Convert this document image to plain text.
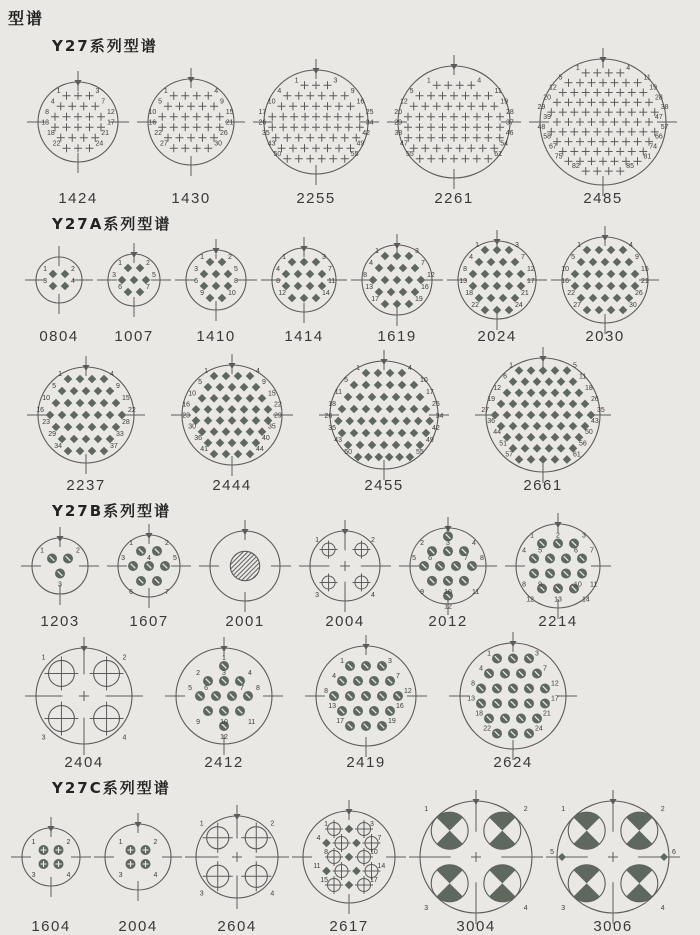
型谱
Y27系列型谱
1	3
4	7
8	12
13	17
18	21
22	24
1424
1	4
5	9
10	15
16	21
22	26
27	30
1430
1	3
4	9
10	16
17	25
26	34
35	42
43	49
50	55
2255
1	4
5	11
12	19
20	28
29	37
38	46
47	54
55	61
2261
1	4
5	11
12	19
20	28
29	38
39	47
48	57
58	66
67	74
75	81
82	85
2485
Y27A系列型谱
1	2
3	4
0804
1	2
3	5
6	7
1007
1	2
3	5
6	8
9	10
1410
1	3
4	7
8	11
12	14
1414
1	3
4	7
8	12
13	16
17	19
1619
1	3
4	7
8	12
13	17
18	21
22	24
2024
1	4
5	9
10	15
16	21
22	26
27	30
2030
1	4
5	9
10	15
16	22
23	28
29	33
34	37
2237
1	4
5	9
10	15
16	22
23	29
30	35
36	40
41	44
2444
1	4
5	10
11	17
18	25
26	34
35	42
43	49
50	55
2455
1	5
6	11
12	18
19	26
27	35
36	43
44	50
51	56
57	61
2661
Y27B系列型谱
1	2
3
1203
1	2
3	4	5
6	7
1607	2001
1	2
3	4
2004
1
2	3	4
5 6	7 8
9	10	11
12
2012
1	2	3
4 5	6 7
8 9	10 11
12	13	14
2214
1	2
3	4
2404
1
2	3	4
5 6	7 8
9	10	11
12
2412
1	3
4	7
8	12
13	16
17	19
2419
1	3
4	7
8	12
13	17
18	21
22	24
2624
Y27C系列型谱
1	2
3	4
1604
1	2
3	4
2004
1	2
3	4
2604
1	3
4	7
8	10
11	14
15	17
2617
1	2
3	4
3004
5	6
1	2
3	4
3006
